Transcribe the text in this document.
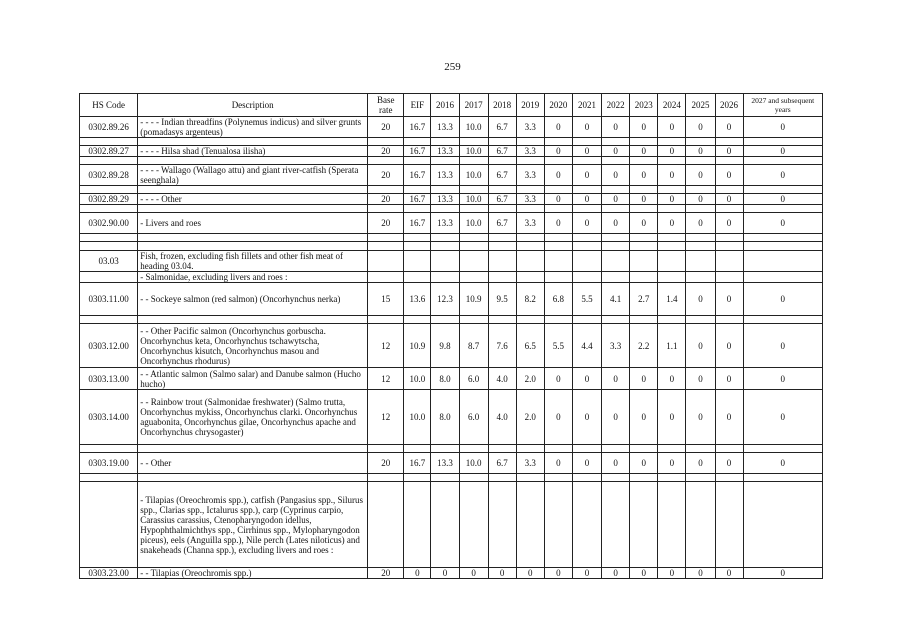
259
HS Code	Description	Base rate	EIF	2016	2017	2018	2019	2020	2021	2022	2023	2024	2025	2026	2027 and subsequent years
0302.89.26	- - - - Indian threadfins (Polynemus indicus) and silver grunts (pomadasys argenteus)	20	16.7	13.3	10.0	6.7	3.3	0	0	0	0	0	0	0	0

0302.89.27	- - - - Hilsa shad (Tenualosa ilisha)	20	16.7	13.3	10.0	6.7	3.3	0	0	0	0	0	0	0	0

0302.89.28	- - - - Wallago (Wallago attu) and giant river-catfish (Sperata seenghala)	20	16.7	13.3	10.0	6.7	3.3	0	0	0	0	0	0	0	0

0302.89.29	- - - - Other	20	16.7	13.3	10.0	6.7	3.3	0	0	0	0	0	0	0	0

0302.90.00	- Livers and roes	20	16.7	13.3	10.0	6.7	3.3	0	0	0	0	0	0	0	0

03.03	Fish, frozen, excluding fish fillets and other fish meat of heading 03.04.														
	- Salmonidae, excluding livers and roes :														
0303.11.00	- - Sockeye salmon (red salmon) (Oncorhynchus nerka)	15	13.6	12.3	10.9	9.5	8.2	6.8	5.5	4.1	2.7	1.4	0	0	0

0303.12.00	- - Other Pacific salmon (Oncorhynchus gorbuscha. Oncorhynchus keta, Oncorhynchus tschawytscha, Oncorhynchus kisutch, Oncorhynchus masou and Oncorhynchus rhodurus)	12	10.9	9.8	8.7	7.6	6.5	5.5	4.4	3.3	2.2	1.1	0	0	0
0303.13.00	- - Atlantic salmon (Salmo salar) and Danube salmon (Hucho hucho)	12	10.0	8.0	6.0	4.0	2.0	0	0	0	0	0	0	0	0
0303.14.00	- - Rainbow trout (Salmonidae freshwater) (Salmo trutta, Oncorhynchus mykiss, Oncorhynchus clarki. Oncorhynchus aguabonita, Oncorhynchus gilae, Oncorhynchus apache and Oncorhynchus chrysogaster)	12	10.0	8.0	6.0	4.0	2.0	0	0	0	0	0	0	0	0

0303.19.00	- - Other	20	16.7	13.3	10.0	6.7	3.3	0	0	0	0	0	0	0	0

	- Tilapias (Oreochromis spp.), catfish (Pangasius spp., Silurus spp., Clarias spp., Ictalurus spp.), carp (Cyprinus carpio, Carassius carassius, Ctenopharyngodon idellus, Hypophthalmichthys spp., Cirrhinus spp., Mylopharyngodon piceus), eels (Anguilla spp.), Nile perch (Lates niloticus) and snakeheads (Channa spp.), excluding livers and roes :														
0303.23.00	- - Tilapias (Oreochromis spp.)	20	0	0	0	0	0	0	0	0	0	0	0	0	0
